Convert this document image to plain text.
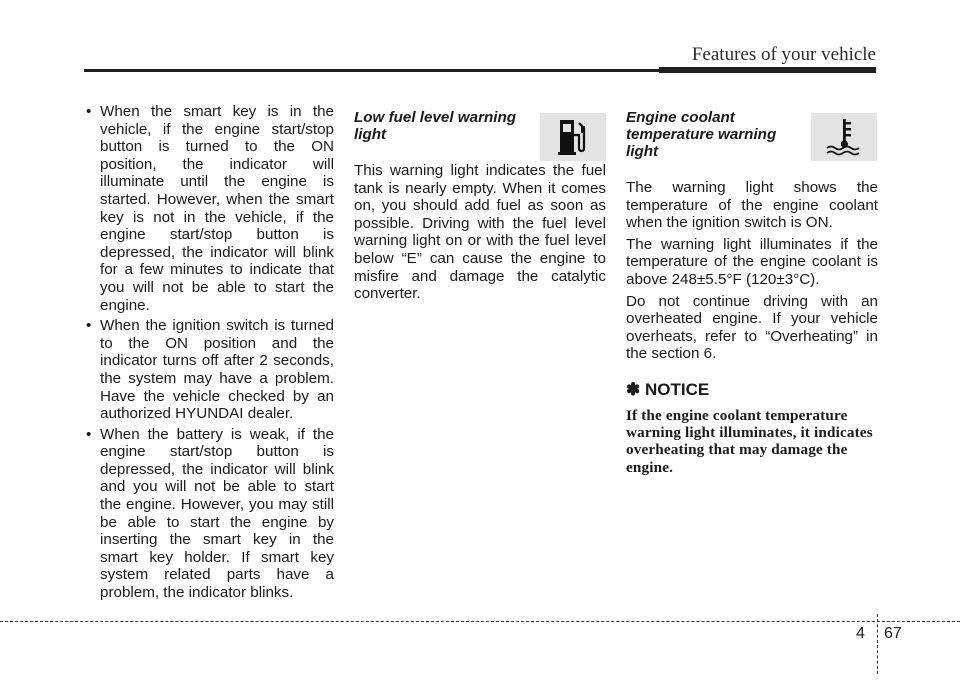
Features of your vehicle
• When the smart key is in the vehicle, if the engine start/stop button is turned to the ON position, the indicator will illuminate until the engine is started. However, when the smart key is not in the vehicle, if the engine start/stop button is depressed, the indicator will blink for a few minutes to indicate that you will not be able to start the engine.
• When the ignition switch is turned to the ON position and the indicator turns off after 2 seconds, the system may have a problem. Have the vehicle checked by an authorized HYUNDAI dealer.
• When the battery is weak, if the engine start/stop button is depressed, the indicator will blink and you will not be able to start the engine. However, you may still be able to start the engine by inserting the smart key in the smart key holder. If smart key system related parts have a problem, the indicator blinks.
Low fuel level warning light

This warning light indicates the fuel tank is nearly empty. When it comes on, you should add fuel as soon as possible. Driving with the fuel level warning light on or with the fuel level below “E” can cause the engine to misfire and damage the catalytic converter.

Engine coolant temperature warning light

The warning light shows the temperature of the engine coolant when the ignition switch is ON.

The warning light illuminates if the temperature of the engine coolant is above 248±5.5°F (120±3°C).

Do not continue driving with an overheated engine. If your vehicle overheats, refer to “Overheating” in the section 6.

✽ NOTICE
If the engine coolant temperature warning light illuminates, it indicates overheating that may damage the engine.
4 67
